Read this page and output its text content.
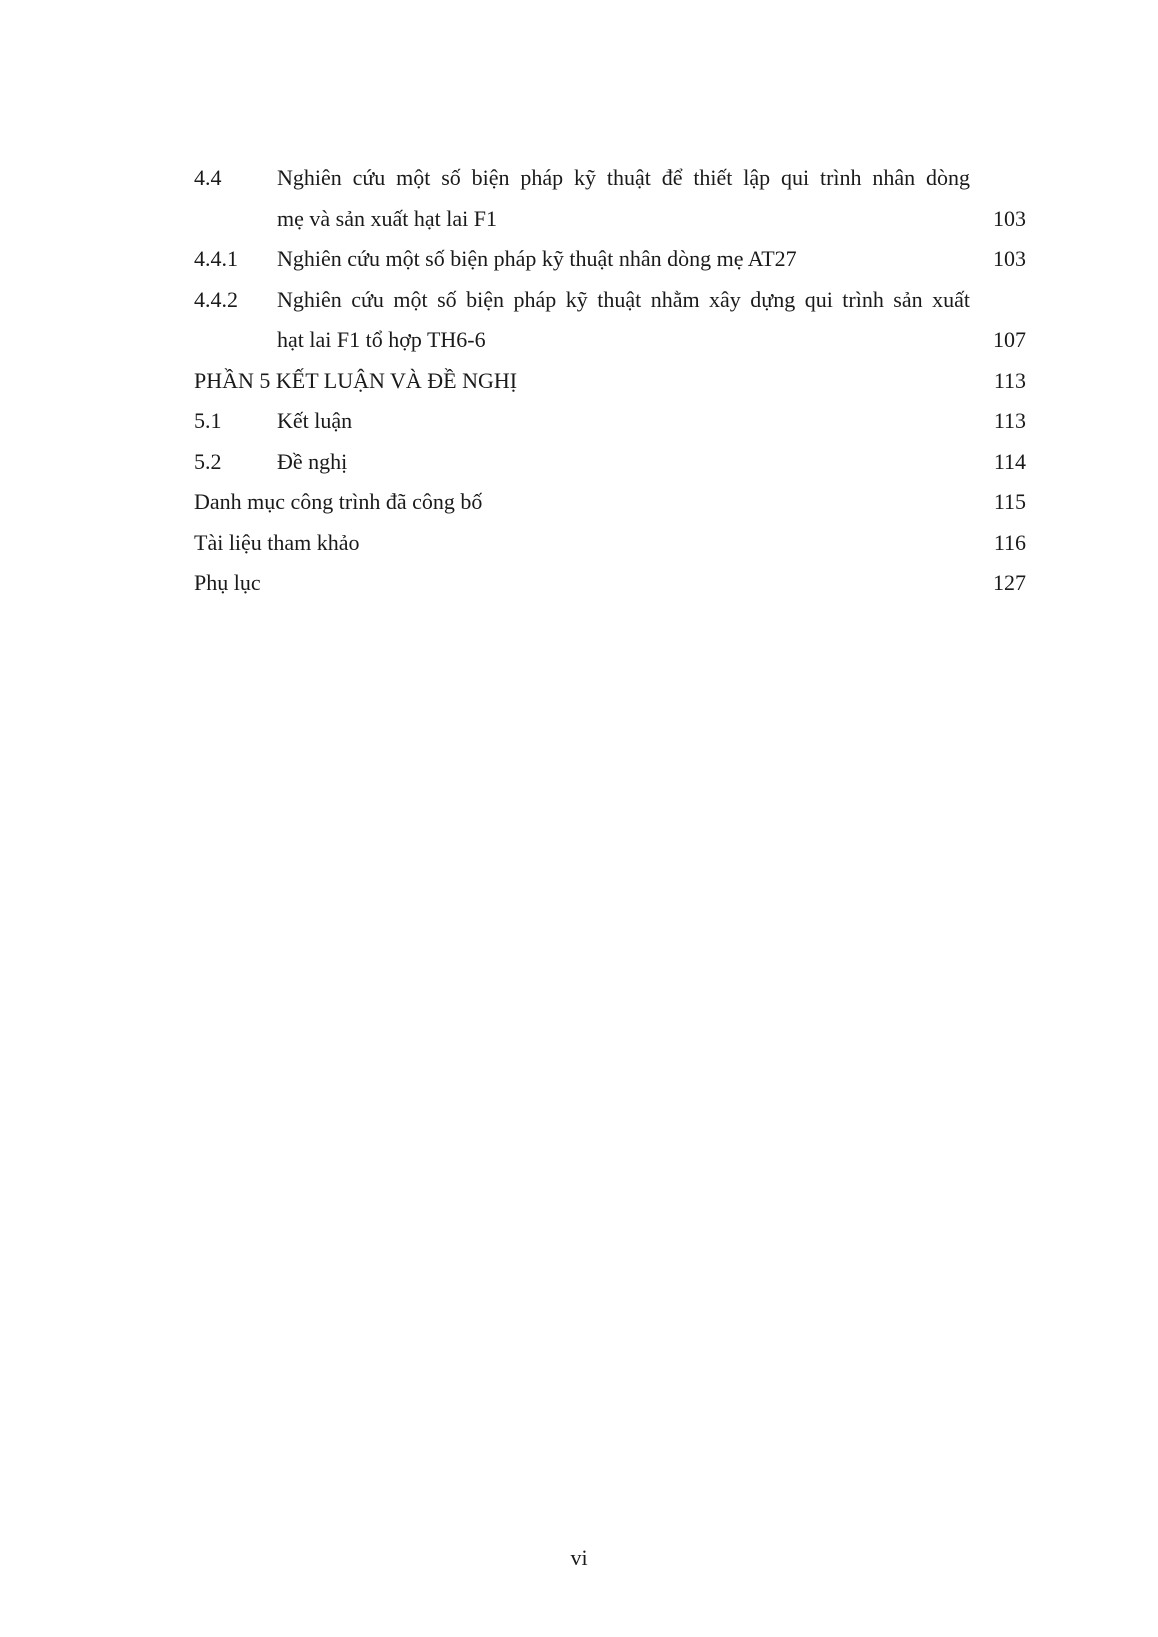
4.4	Nghiên cứu một số biện pháp kỹ thuật để thiết lập qui trình nhân dòng
mẹ và sản xuất hạt lai F1	103
4.4.1 Nghiên cứu một số biện pháp kỹ thuật nhân dòng mẹ AT27	103
4.4.2 Nghiên cứu một số biện pháp kỹ thuật nhằm xây dựng qui trình sản xuất
hạt lai F1 tổ hợp TH6-6	107
PHẦN 5 KẾT LUẬN VÀ ĐỀ NGHỊ	113
5.1	Kết luận	113
5.2	Đề nghị	114
Danh mục công trình đã công bố	115
Tài liệu tham khảo	116
Phụ lục	127
vi
